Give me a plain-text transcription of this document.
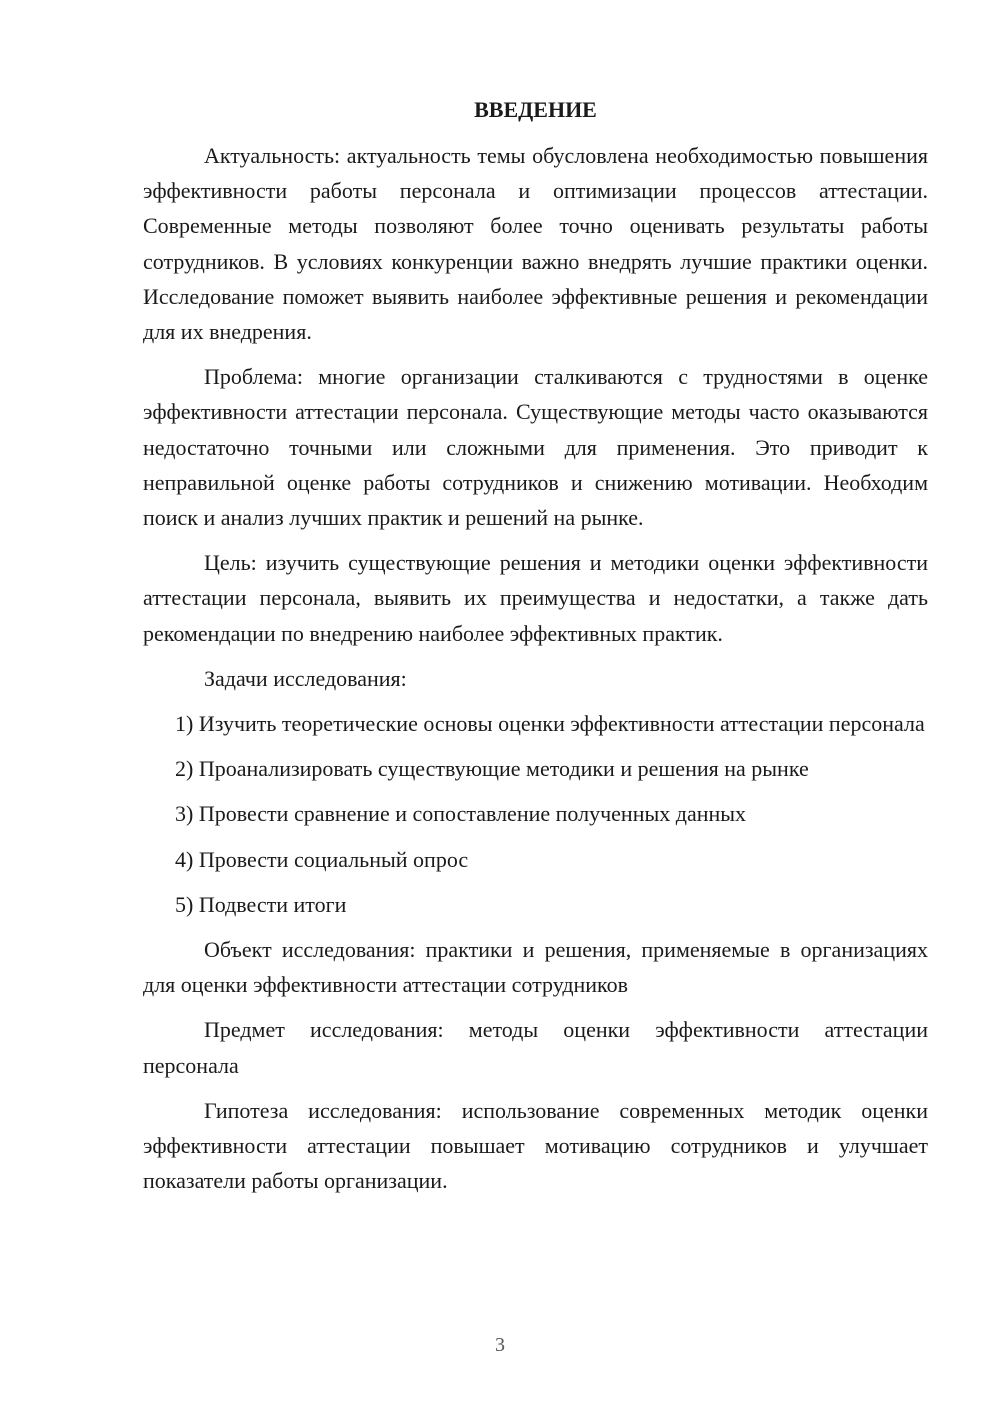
ВВЕДЕНИЕ

Актуальность: актуальность темы обусловлена необходимостью повышения эффективности работы персонала и оптимизации процессов аттестации. Современные методы позволяют более точно оценивать результаты работы сотрудников. В условиях конкуренции важно внедрять лучшие практики оценки. Исследование поможет выявить наиболее эффективные решения и рекомендации для их внедрения.

Проблема: многие организации сталкиваются с трудностями в оценке эффективности аттестации персонала. Существующие методы часто оказываются недостаточно точными или сложными для применения. Это приводит к неправильной оценке работы сотрудников и снижению мотивации. Необходим поиск и анализ лучших практик и решений на рынке.

Цель: изучить существующие решения и методики оценки эффективности аттестации персонала, выявить их преимущества и недостатки, а также дать рекомендации по внедрению наиболее эффективных практик.

Задачи исследования:

1) Изучить теоретические основы оценки эффективности аттестации персонала

2) Проанализировать существующие методики и решения на рынке

3) Провести сравнение и сопоставление полученных данных

4) Провести социальный опрос

5) Подвести итоги

Объект исследования: практики и решения, применяемые в организациях для оценки эффективности аттестации сотрудников

Предмет исследования: методы оценки эффективности аттестации персонала

Гипотеза исследования: использование современных методик оценки эффективности аттестации повышает мотивацию сотрудников и улучшает показатели работы организации.

3
